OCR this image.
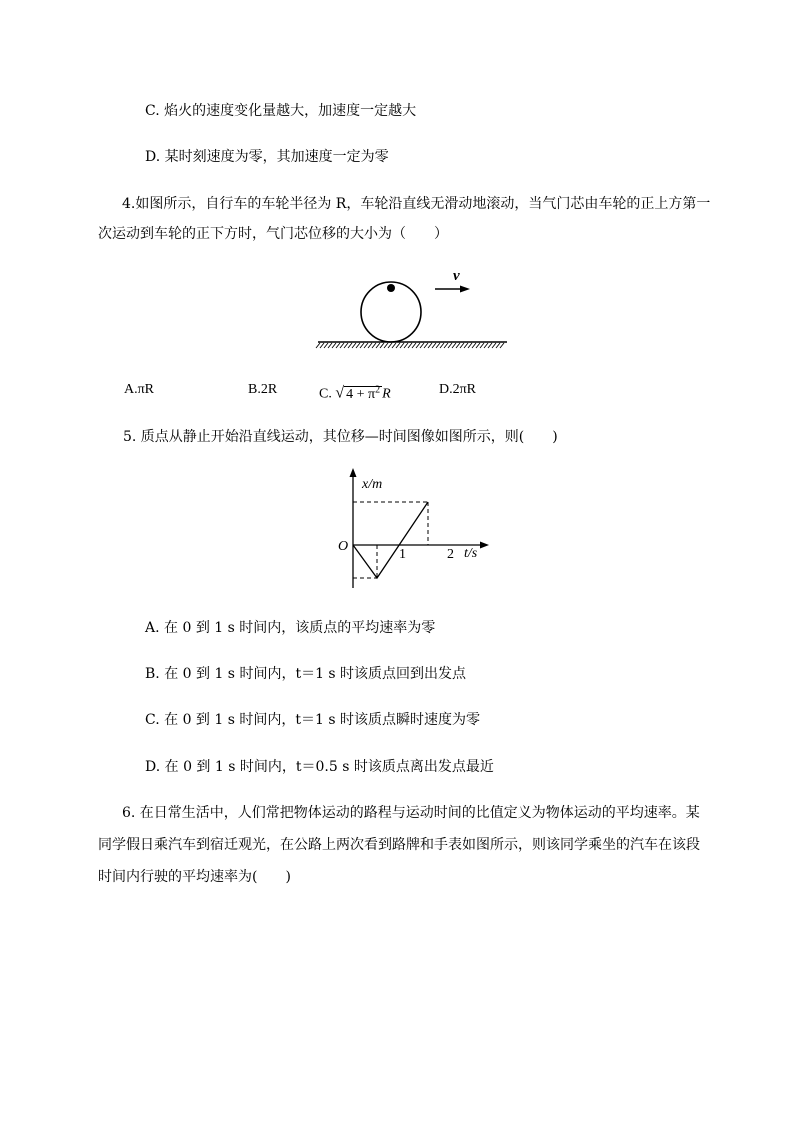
C. 焰火的速度变化量越大，加速度一定越大
D. 某时刻速度为零，其加速度一定为零
4.如图所示，自行车的车轮半径为 R，车轮沿直线无滑动地滚动，当气门芯由车轮的正上方第一
次运动到车轮的正下方时，气门芯位移的大小为（　　）
v
A.πR	B.2R	C. √ $4 + \pi^2$ R	D.2πR
5. 质点从静止开始沿直线运动，其位移—时间图像如图所示，则(　　)
x/m
t/s
O
1	2
A. 在 0 到 1 s 时间内，该质点的平均速率为零
B. 在 0 到 1 s 时间内，t＝1 s 时该质点回到出发点
C. 在 0 到 1 s 时间内，t＝1 s 时该质点瞬时速度为零
D. 在 0 到 1 s 时间内，t＝0.5 s 时该质点离出发点最近
6. 在日常生活中，人们常把物体运动的路程与运动时间的比值定义为物体运动的平均速率。某
同学假日乘汽车到宿迁观光，在公路上两次看到路牌和手表如图所示，则该同学乘坐的汽车在该段
时间内行驶的平均速率为(　　)
